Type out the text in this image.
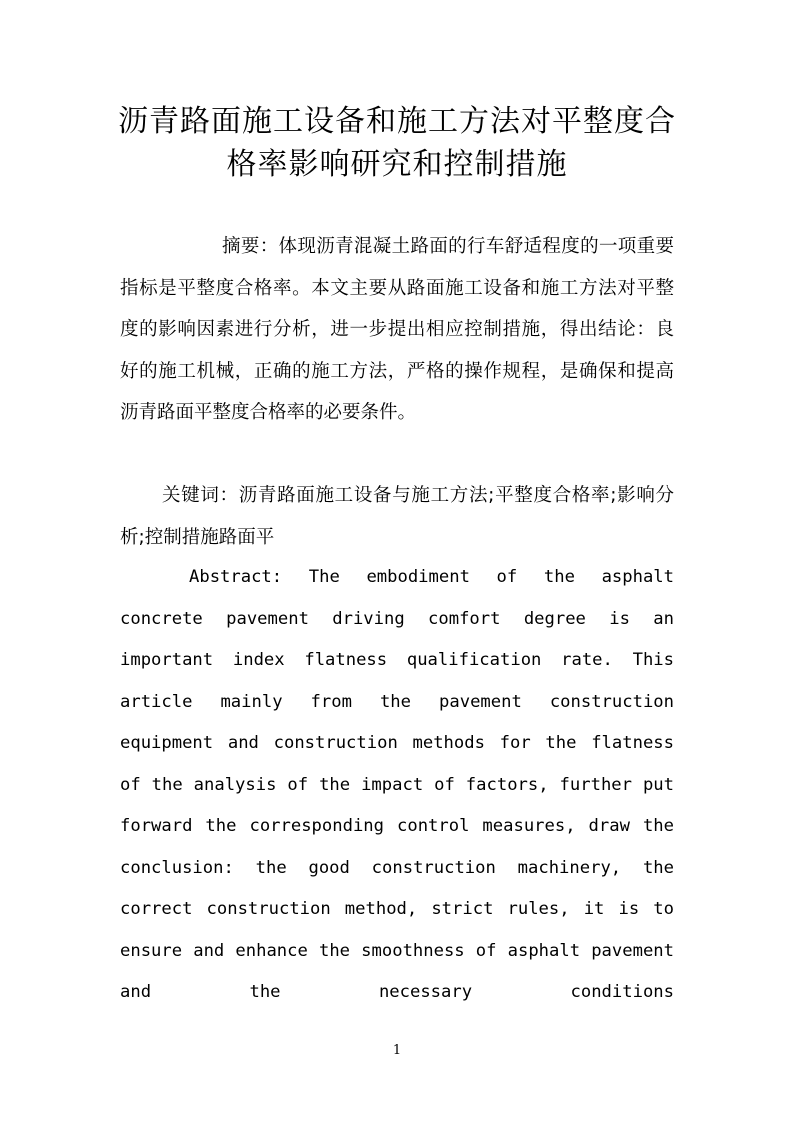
沥青路面施工设备和施工方法对平整度合
格率影响研究和控制措施

摘要：体现沥青混凝土路面的行车舒适程度的一项重要指标是平整度合格率。本文主要从路面施工设备和施工方法对平整度的影响因素进行分析，进一步提出相应控制措施，得出结论：良好的施工机械，正确的施工方法，严格的操作规程，是确保和提高沥青路面平整度合格率的必要条件。

关键词：沥青路面施工设备与施工方法;平整度合格率;影响分析;控制措施路面平

Abstract: The embodiment of the asphalt concrete pavement driving comfort degree is an important index flatness qualification rate. This article mainly from the pavement construction equipment and construction methods for the flatness of the analysis of the impact of factors, further put forward the corresponding control measures, draw the conclusion: the good construction machinery, the correct construction method, strict rules, it is to ensure and enhance the smoothness of asphalt pavement and the necessary conditions

1
